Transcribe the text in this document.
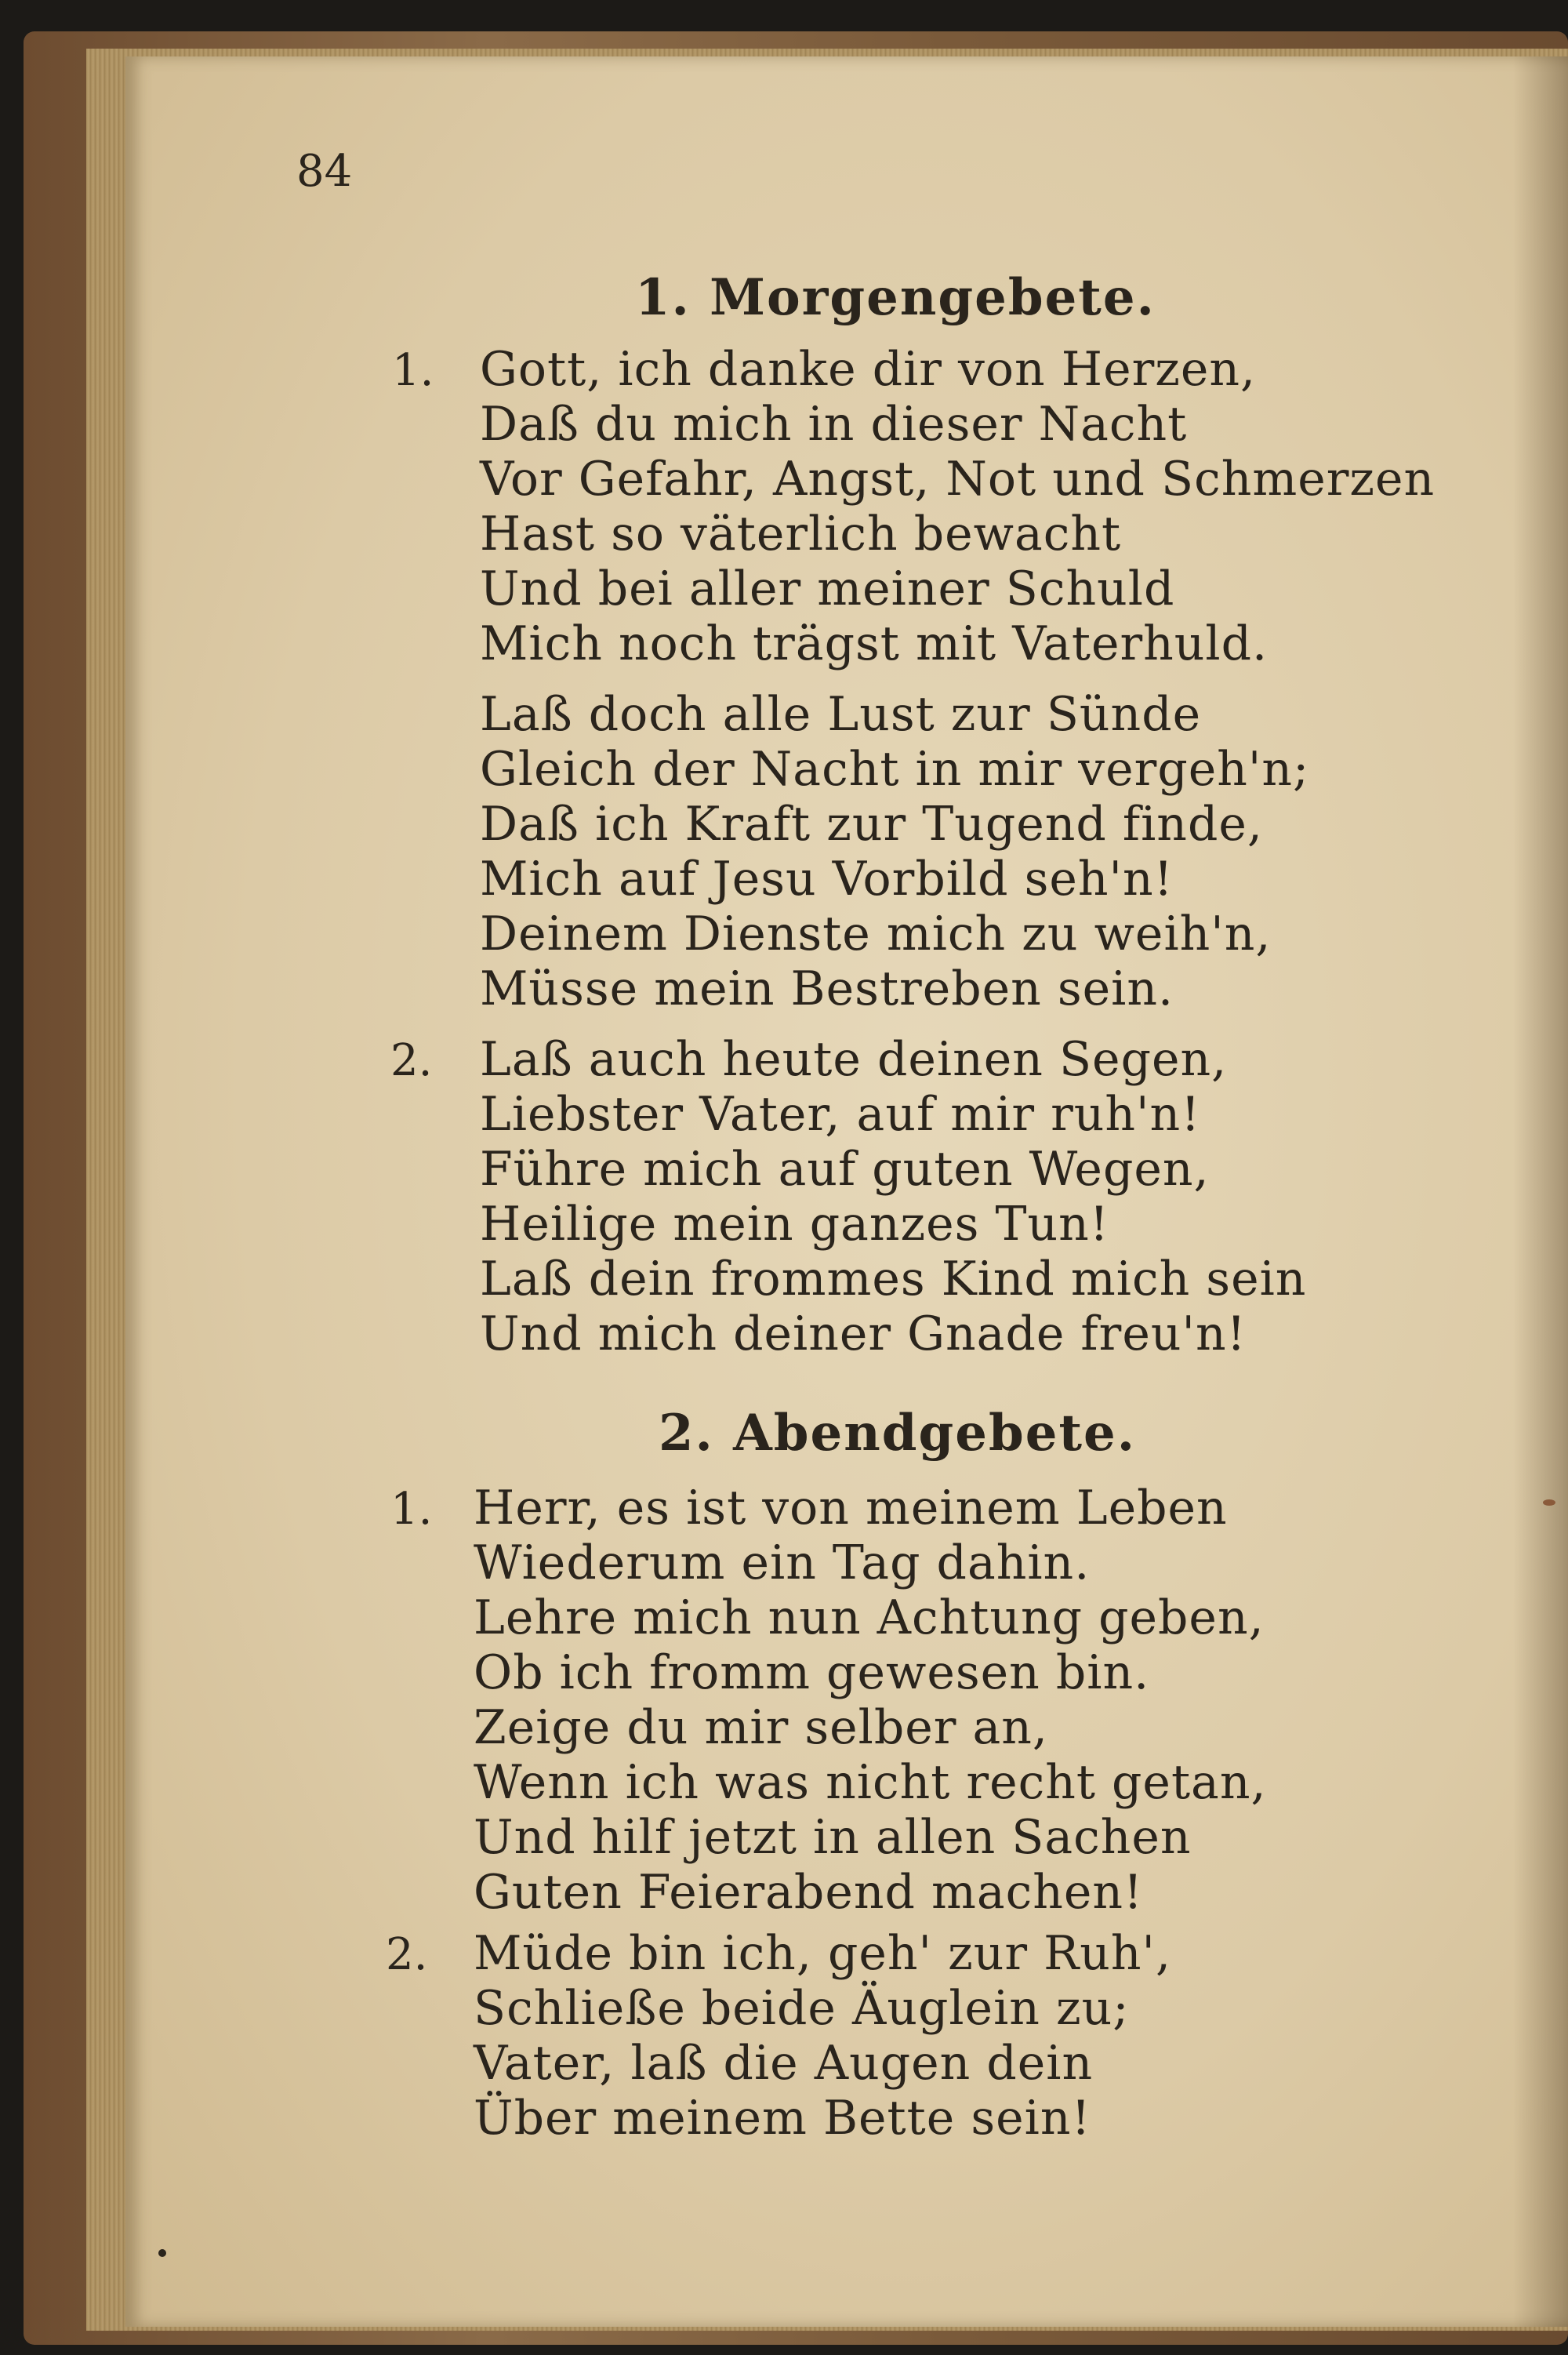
84
1. Morgengebete.
2. Abendgebete.
1. Gott, ich danke dir von Herzen,
Daß du mich in dieser Nacht
Vor Gefahr, Angst, Not und Schmerzen
Hast so väterlich bewacht
Und bei aller meiner Schuld
Mich noch trägst mit Vaterhuld.
Laß doch alle Lust zur Sünde
Gleich der Nacht in mir vergeh'n;
Daß ich Kraft zur Tugend finde,
Mich auf Jesu Vorbild seh'n!
Deinem Dienste mich zu weih'n,
Müsse mein Bestreben sein.
2. Laß auch heute deinen Segen,
Liebster Vater, auf mir ruh'n!
Führe mich auf guten Wegen,
Heilige mein ganzes Tun!
Laß dein frommes Kind mich sein
Und mich deiner Gnade freu'n!
1. Herr, es ist von meinem Leben
Wiederum ein Tag dahin.
Lehre mich nun Achtung geben,
Ob ich fromm gewesen bin.
Zeige du mir selber an,
Wenn ich was nicht recht getan,
Und hilf jetzt in allen Sachen
Guten Feierabend machen!
2. Müde bin ich, geh' zur Ruh',
Schließe beide Äuglein zu;
Vater, laß die Augen dein
Über meinem Bette sein!
